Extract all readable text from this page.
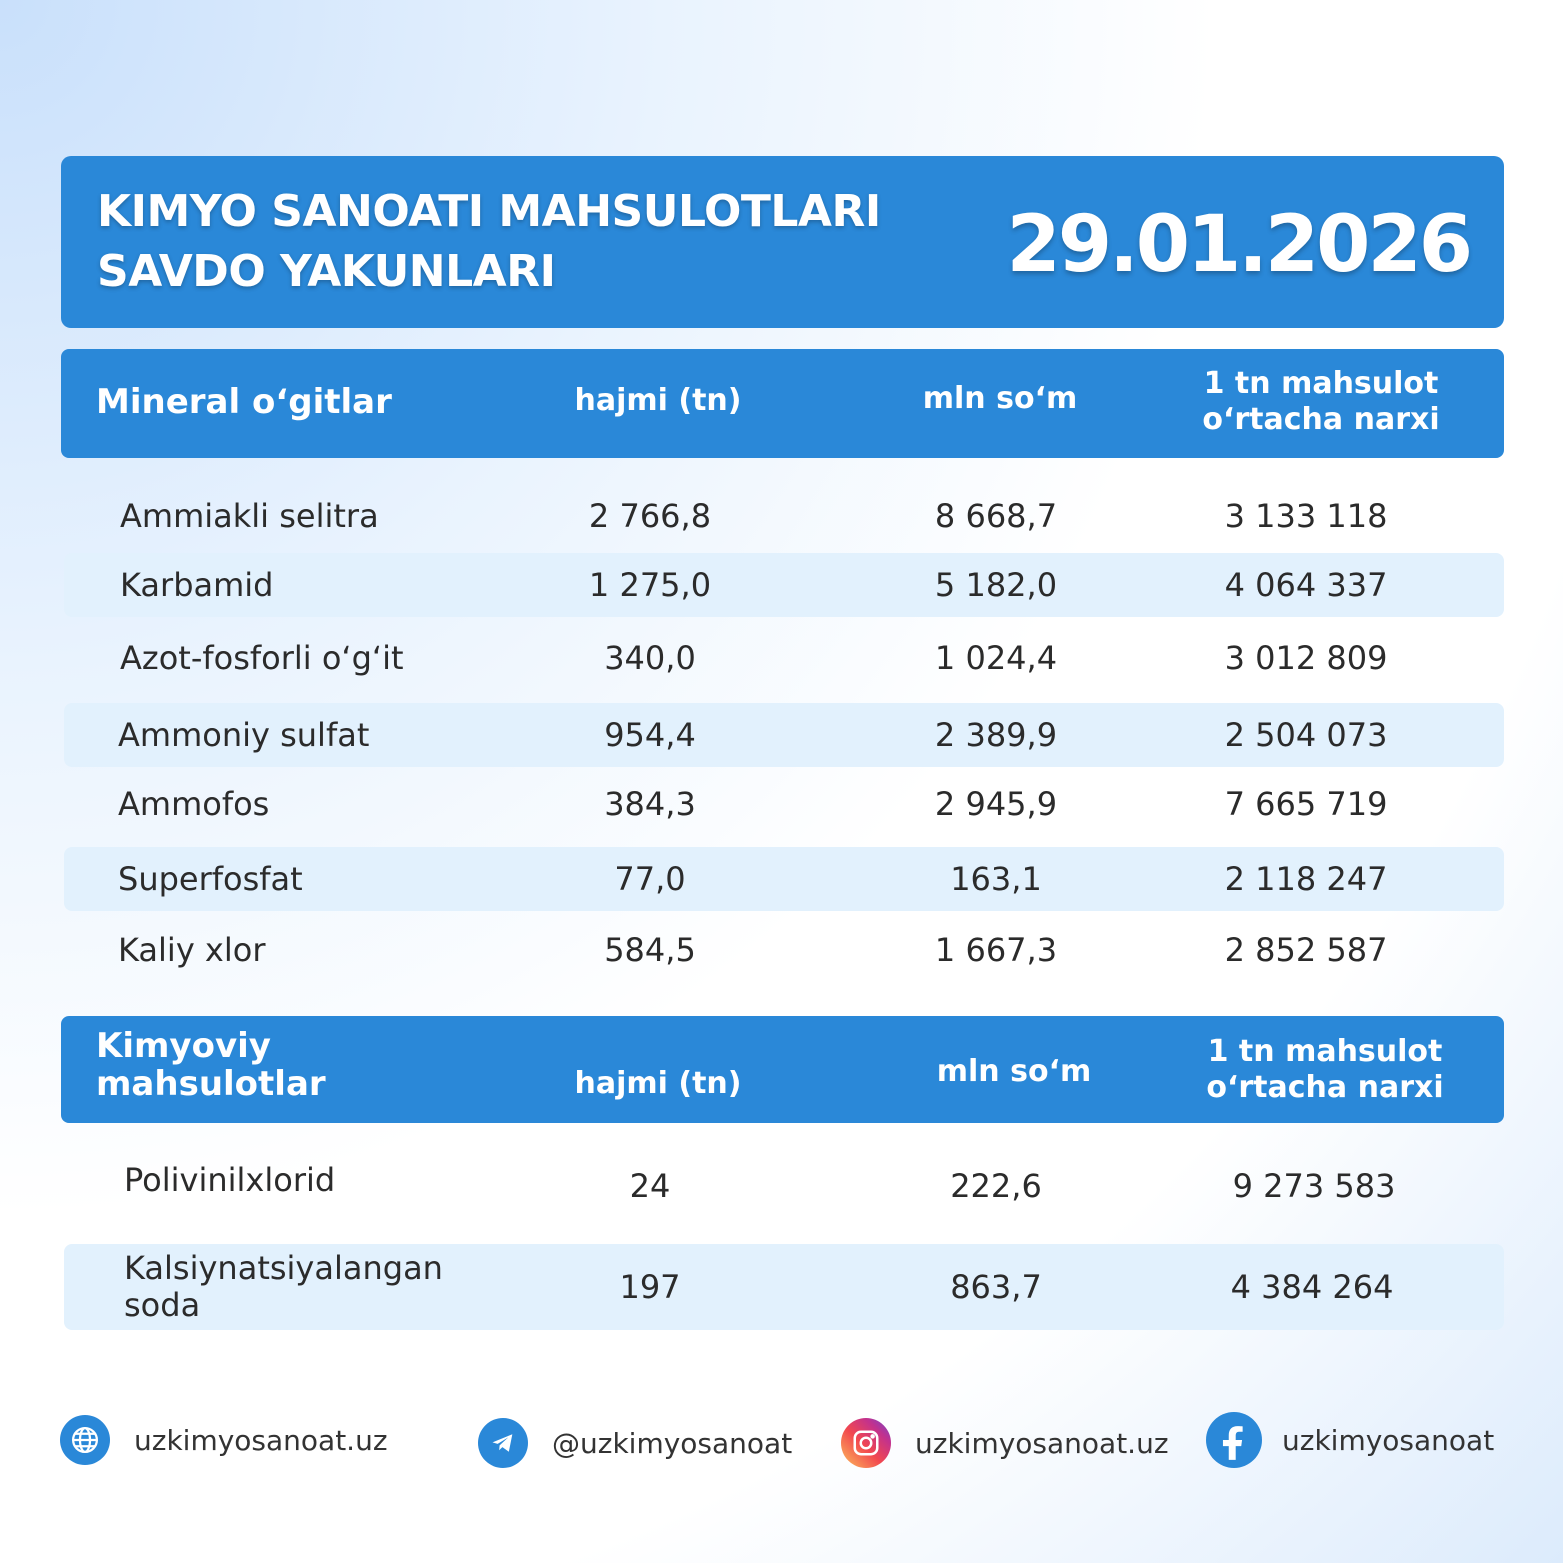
KIMYO SANOATI MAHSULOTLARI
SAVDO YAKUNLARI	29.01.2026
Mineral o‘gitlar	hajmi (tn)	mln so‘m	1 tn mahsulot
o‘rtacha narxi
Ammiakli selitra	2 766,8	8 668,7	3 133 118
Karbamid	1 275,0	5 182,0	4 064 337
Azot-fosforli o‘g‘it	340,0	1 024,4	3 012 809
Ammoniy sulfat	954,4	2 389,9	2 504 073
Ammofos	384,3	2 945,9	7 665 719
Superfosfat	77,0	163,1	2 118 247
Kaliy xlor	584,5	1 667,3	2 852 587
Kimyoviy
mahsulotlar	hajmi (tn)	mln so‘m
1 tn mahsulot
o‘rtacha narxi
Polivinilxlorid	24	222,6	9 273 583
Kalsiynatsiyalangan
soda	197	863,7	4 384 264
uzkimyosanoat.uz	@uzkimyosanoat	uzkimyosanoat.uz	uzkimyosanoat
